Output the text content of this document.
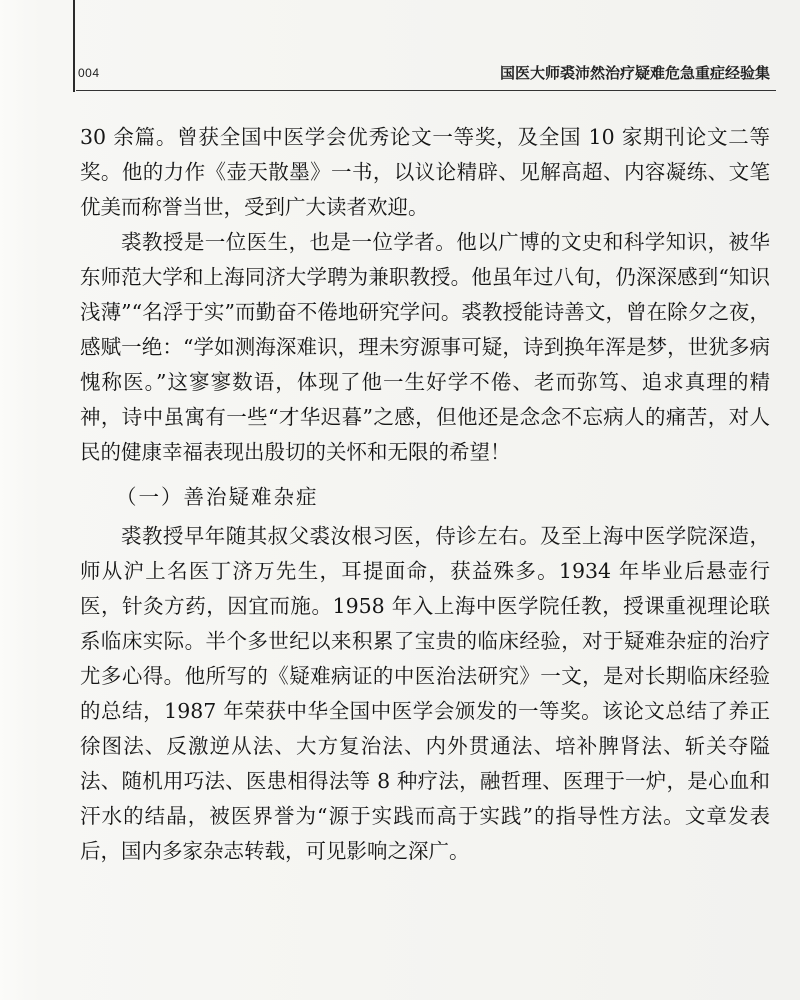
004	国医大师裘沛然治疗疑难危急重症经验集

30 余篇。曾获全国中医学会优秀论文一等奖，及全国 10 家期刊论文二等奖。他的力作《壶天散墨》一书，以议论精辟、见解高超、内容凝练、文笔优美而称誉当世，受到广大读者欢迎。

裘教授是一位医生，也是一位学者。他以广博的文史和科学知识，被华东师范大学和上海同济大学聘为兼职教授。他虽年过八旬，仍深深感到“知识浅薄”“名浮于实”而勤奋不倦地研究学问。裘教授能诗善文，曾在除夕之夜，感赋一绝：“学如测海深难识，理未穷源事可疑，诗到换年浑是梦，世犹多病愧称医。”这寥寥数语，体现了他一生好学不倦、老而弥笃、追求真理的精神，诗中虽寓有一些“才华迟暮”之感，但他还是念念不忘病人的痛苦，对人民的健康幸福表现出殷切的关怀和无限的希望！

（一）善治疑难杂症

裘教授早年随其叔父裘汝根习医，侍诊左右。及至上海中医学院深造，师从沪上名医丁济万先生，耳提面命，获益殊多。1934 年毕业后悬壶行医，针灸方药，因宜而施。1958 年入上海中医学院任教，授课重视理论联系临床实际。半个多世纪以来积累了宝贵的临床经验，对于疑难杂症的治疗尤多心得。他所写的《疑难病证的中医治法研究》一文，是对长期临床经验的总结，1987 年荣获中华全国中医学会颁发的一等奖。该论文总结了养正徐图法、反激逆从法、大方复治法、内外贯通法、培补脾肾法、斩关夺隘法、随机用巧法、医患相得法等 8 种疗法，融哲理、医理于一炉，是心血和汗水的结晶，被医界誉为“源于实践而高于实践”的指导性方法。文章发表后，国内多家杂志转载，可见影响之深广。
